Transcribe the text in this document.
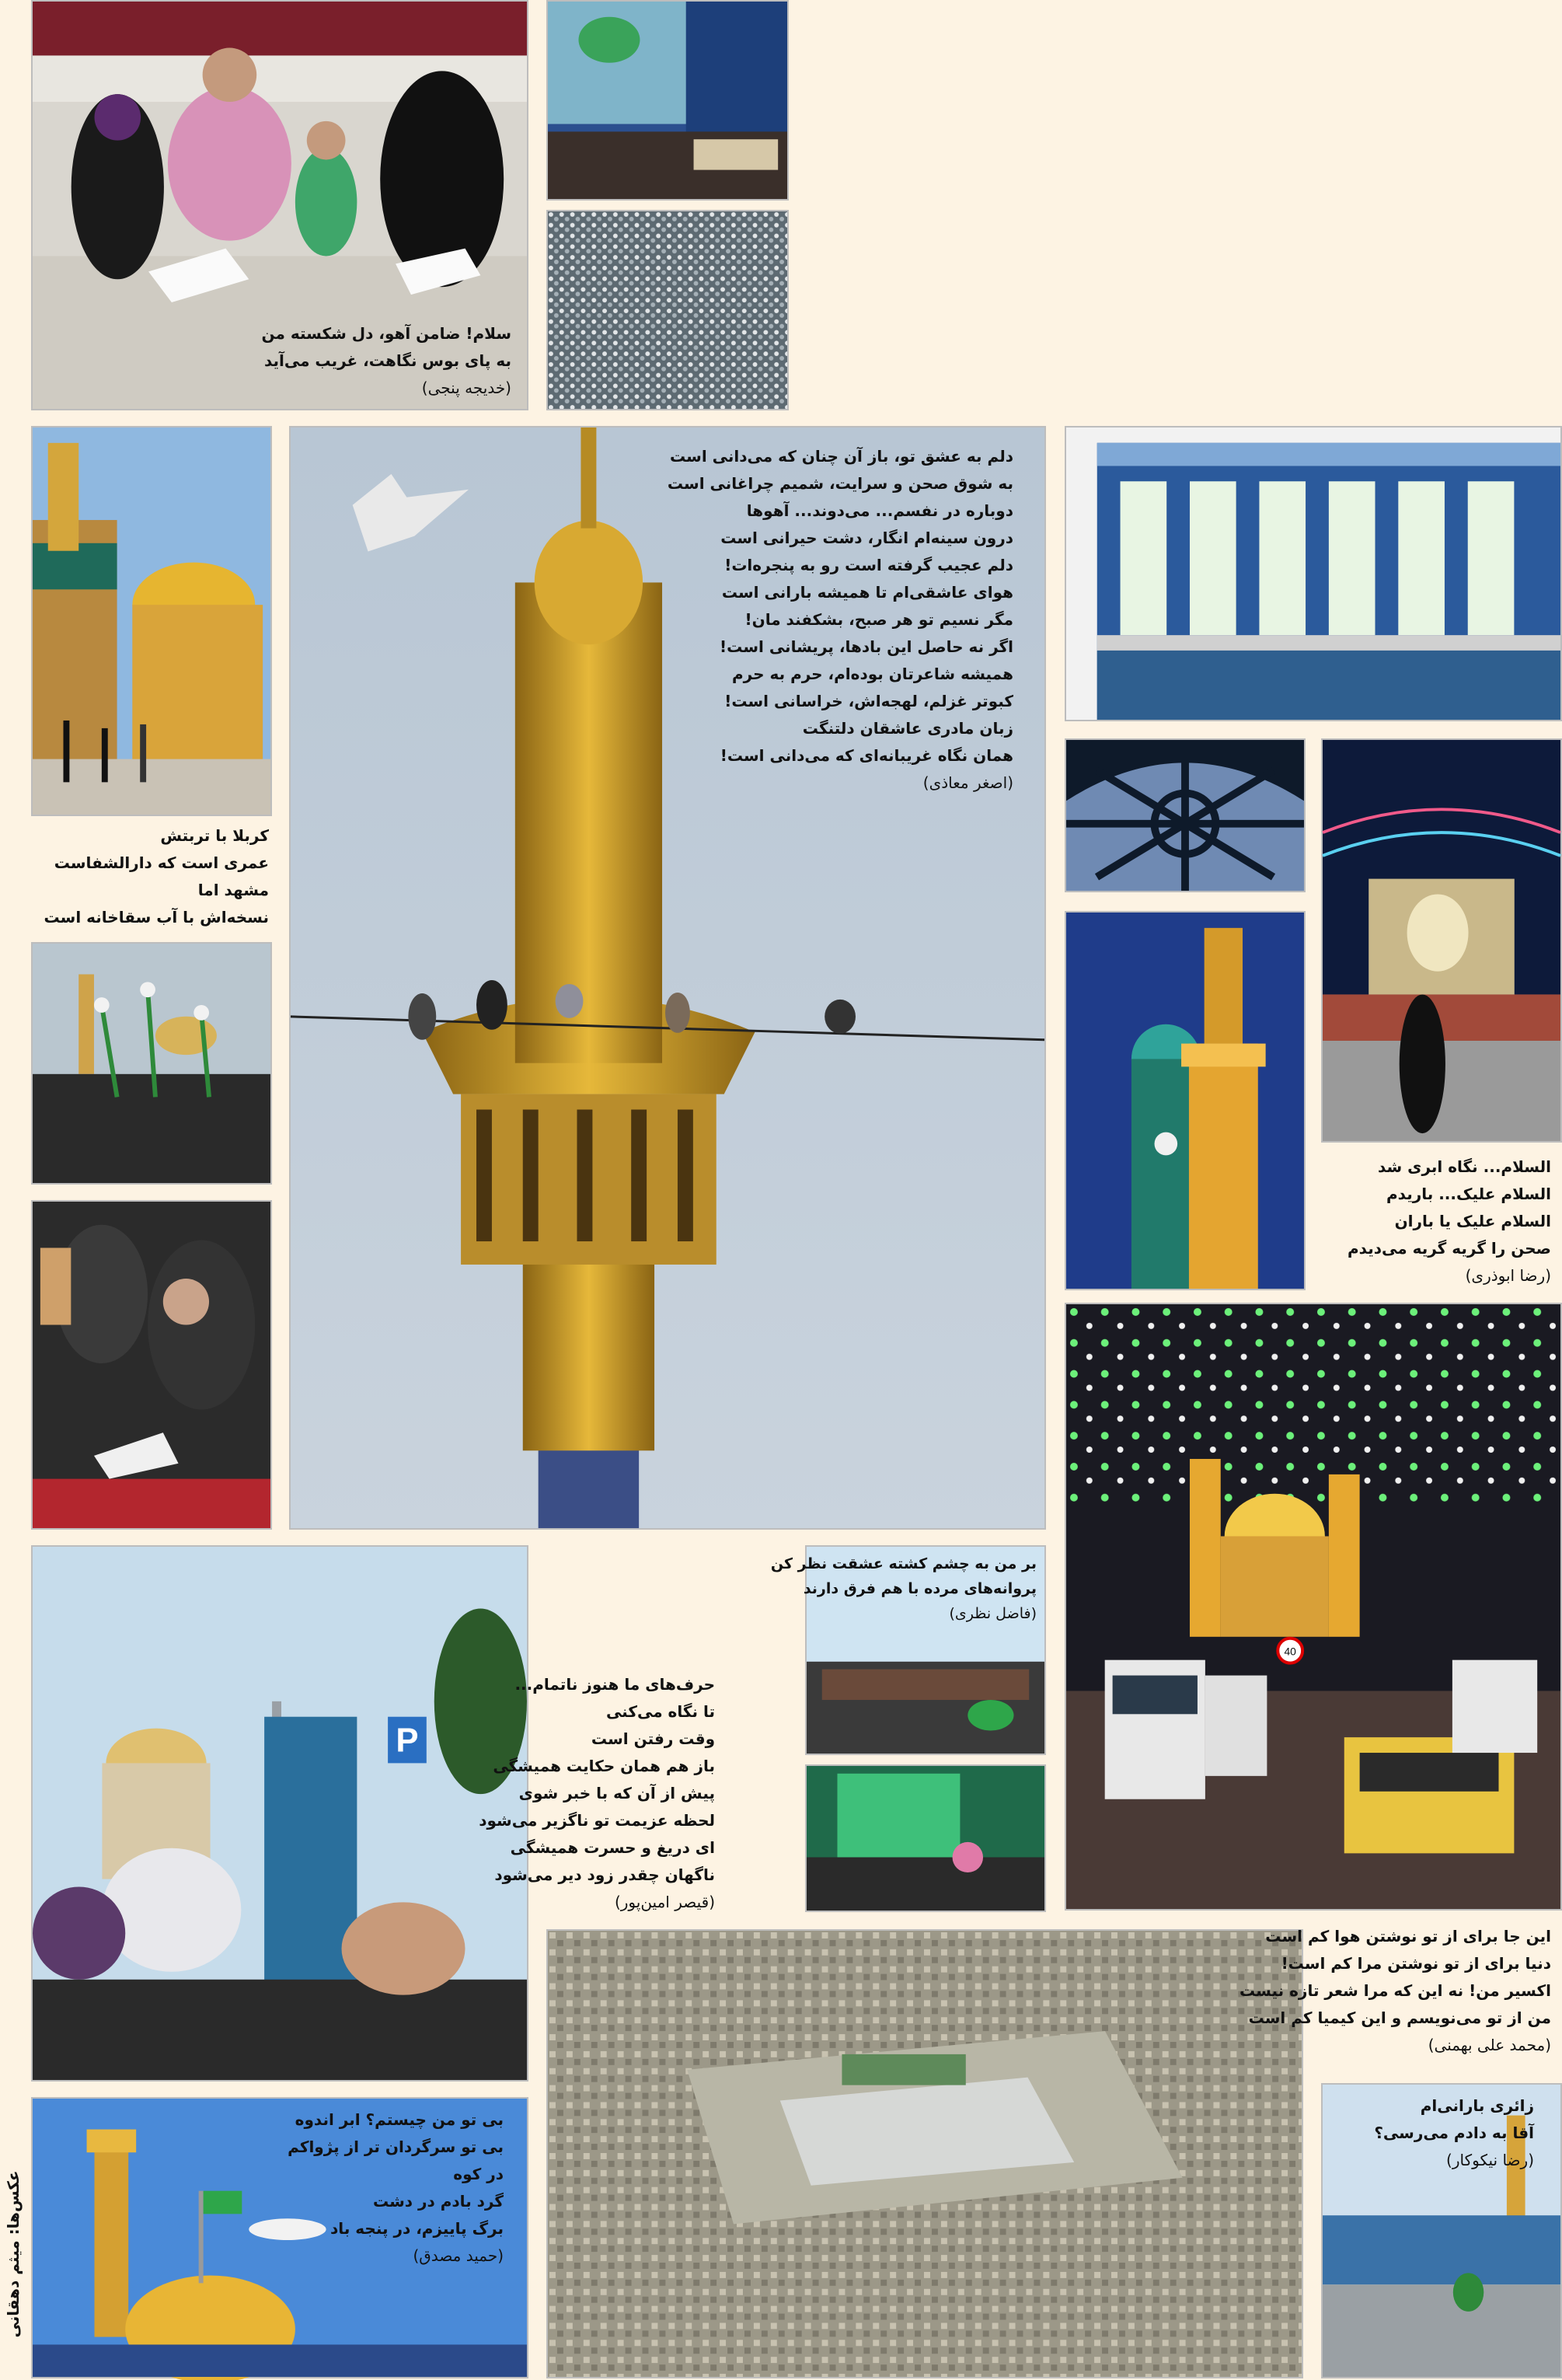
سلام! ضامن آهو، دل شکسته من

به پای بوس نگاهت، غریب می‌آید

(خدیجه پنجی)

کربلا با تربتش

عمری است که دارالشفاست

مشهد اما

نسخه‌اش با آب سقاخانه است

دلم به عشق تو، باز آن چنان که می‌دانی است

به شوق صحن و سرایت، شمیم چراغانی است

دوباره در نفسم... می‌دوند... آهوها

درون سینه‌ام انگار، دشت حیرانی است

دلم عجیب گرفته است رو به پنجره‌ات!

هوای عاشقی‌ام تا همیشه بارانی است

مگر نسیم تو هر صبح، بشکفند مان!

اگر نه حاصل این بادها، پریشانی است!

همیشه شاعرتان بوده‌ام، حرم به حرم

کبوتر غزلم، لهجه‌اش، خراسانی است!

زبان مادری عاشقان دلتنگت

همان نگاه غریبانه‌ای که می‌دانی است!

(اصغر معاذی)

السلام... نگاه ابری شد

السلام علیک... باریدم

السلام علیک یا باران

صحن را گریه گریه می‌دیدم

(رضا ابوذری)

40
P

حرف‌های ما هنوز ناتمام...

تا نگاه می‌کنی

وقت رفتن است

باز هم همان حکایت همیشگی

پیش از آن که با خبر شوی

لحظه عزیمت تو ناگزیر می‌شود

ای دریغ و حسرت همیشگی

ناگهان چقدر زود دیر می‌شود

(قیصر امین‌پور)

بر من به چشم کشته عشقت نظر کن

پروانه‌های مرده با هم فرق دارند

(فاضل نظری)

این جا برای از تو نوشتن هوا کم است

دنیا برای از تو نوشتن مرا کم است!

اکسیر من! نه این که مرا شعر تازه نیست

من از تو می‌نویسم و این کیمیا کم است

(محمد علی بهمنی)

زائری بارانی‌ام

آقا به دادم می‌رسی؟

(رضا نیکوکار)

بی تو من چیستم؟ ابر اندوه

بی تو سرگردان تر از پژواکم

در کوه

گرد بادم در دشت

برگ پاییزم، در پنجه باد

(حمید مصدق)

عکس‌ها: میثم دهقانی
